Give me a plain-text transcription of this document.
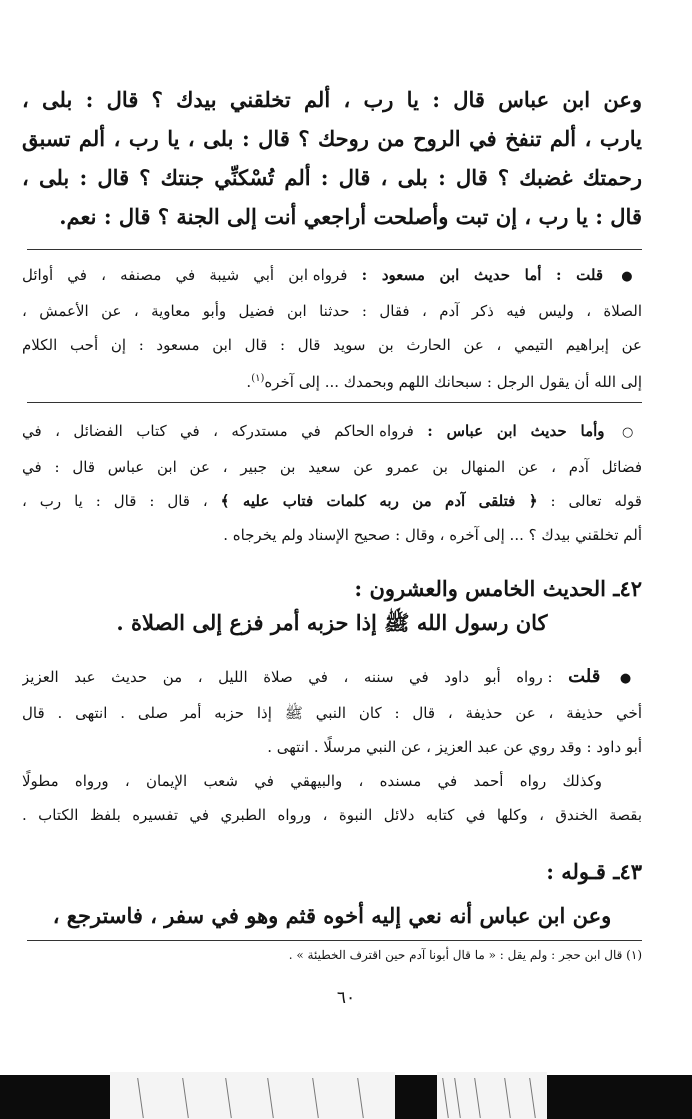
وعن ابن عباس قال : يا رب ، ألم تخلقني بيدك ؟ قال : بلى ،
يارب ، ألم تنفخ في الروح من روحك ؟ قال : بلى ، يا رب ، ألم تسبق
رحمتك غضبك ؟ قال : بلى ، قال : ألم تُسْكنِّي جنتك ؟ قال : بلى ،
قال : يا رب ، إن تبت وأصلحت أراجعي أنت إلى الجنة ؟ قال : نعم.
● قلت : أما حديث ابن مسعود : فرواه ابن أبي شيبة في مصنفه ، في أوائل
الصلاة ، وليس فيه ذكر آدم ، فقال : حدثنا ابن فضيل وأبو معاوية ، عن الأعمش ،
عن إبراهيم التيمي ، عن الحارث بن سويد قال : قال ابن مسعود : إن أحب الكلام
إلى الله أن يقول الرجل : سبحانك اللهم وبحمدك ... إلى آخره$^{(١)}$.
○ وأما حديث ابن عباس : فرواه الحاكم في مستدركه ، في كتاب الفضائل ، في
فضائل آدم ، عن المنهال بن عمرو عن سعيد بن جبير ، عن ابن عباس قال : في
قوله تعالى : ﴿ فتلقى آدم من ربه كلمات فتاب عليه ﴾ ، قال : قال : يا رب ،
ألم تخلقني بيدك ؟ ... إلى آخره ، وقال : صحيح الإسناد ولم يخرجاه .
٤٢ـ الحديث الخامس والعشرون :
كان رسول الله ﷺ إذا حزبه أمر فزع إلى الصلاة .
● قلت : رواه أبو داود في سننه ، في صلاة الليل ، من حديث عبد العزيز
أخي حذيفة ، عن حذيفة ، قال : كان النبي ﷺ إذا حزبه أمر صلى . انتهى . قال
أبو داود : وقد روي عن عبد العزيز ، عن النبي مرسلًا . انتهى .
وكذلك رواه أحمد في مسنده ، والبيهقي في شعب الإيمان ، ورواه مطولًا
بقصة الخندق ، وكلها في كتابه دلائل النبوة ، ورواه الطبري في تفسيره بلفظ الكتاب .
٤٣ـ قـوله :
وعن ابن عباس أنه نعي إليه أخوه قثم وهو في سفر ، فاسترجع ،
(١) قال ابن حجر : ولم يقل : « ما قال أبونا آدم حين اقترف الخطيئة » .
٦٠
